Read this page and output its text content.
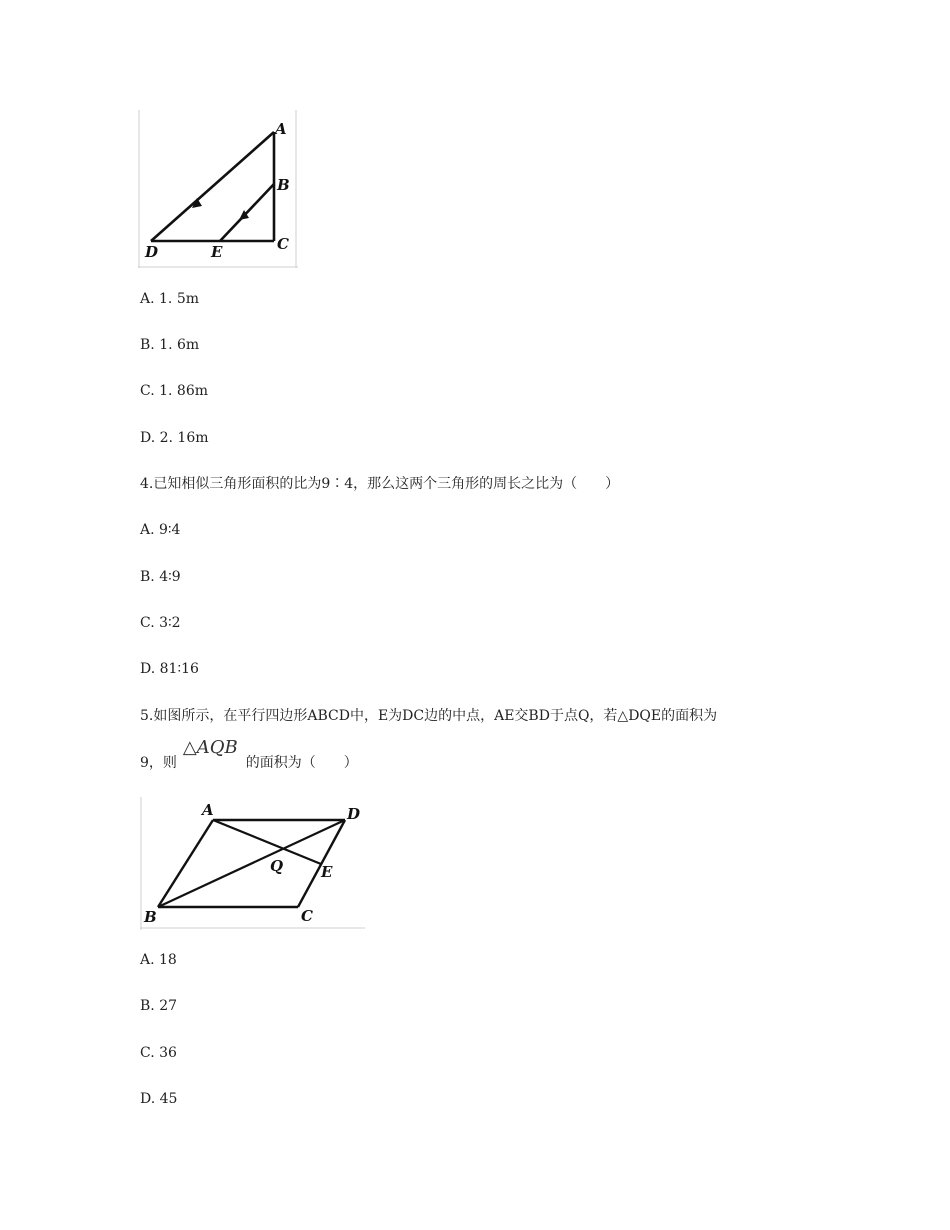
A
B
C
D	E
A. 1. 5m
B. 1. 6m
C. 1. 86m
D. 2. 16m
4.已知相似三角形面积的比为9∶4，那么这两个三角形的周长之比为（　　）
A. 9∶4
B. 4∶9
C. 3∶2
D. 81∶16
5.如图所示，在平行四边形ABCD中，E为DC边的中点，AE交BD于点Q，若△DQE的面积为
9，则△AQB的面积为（　　）
A	D
E
Q
B	C
A. 18
B. 27
C. 36
D. 45
